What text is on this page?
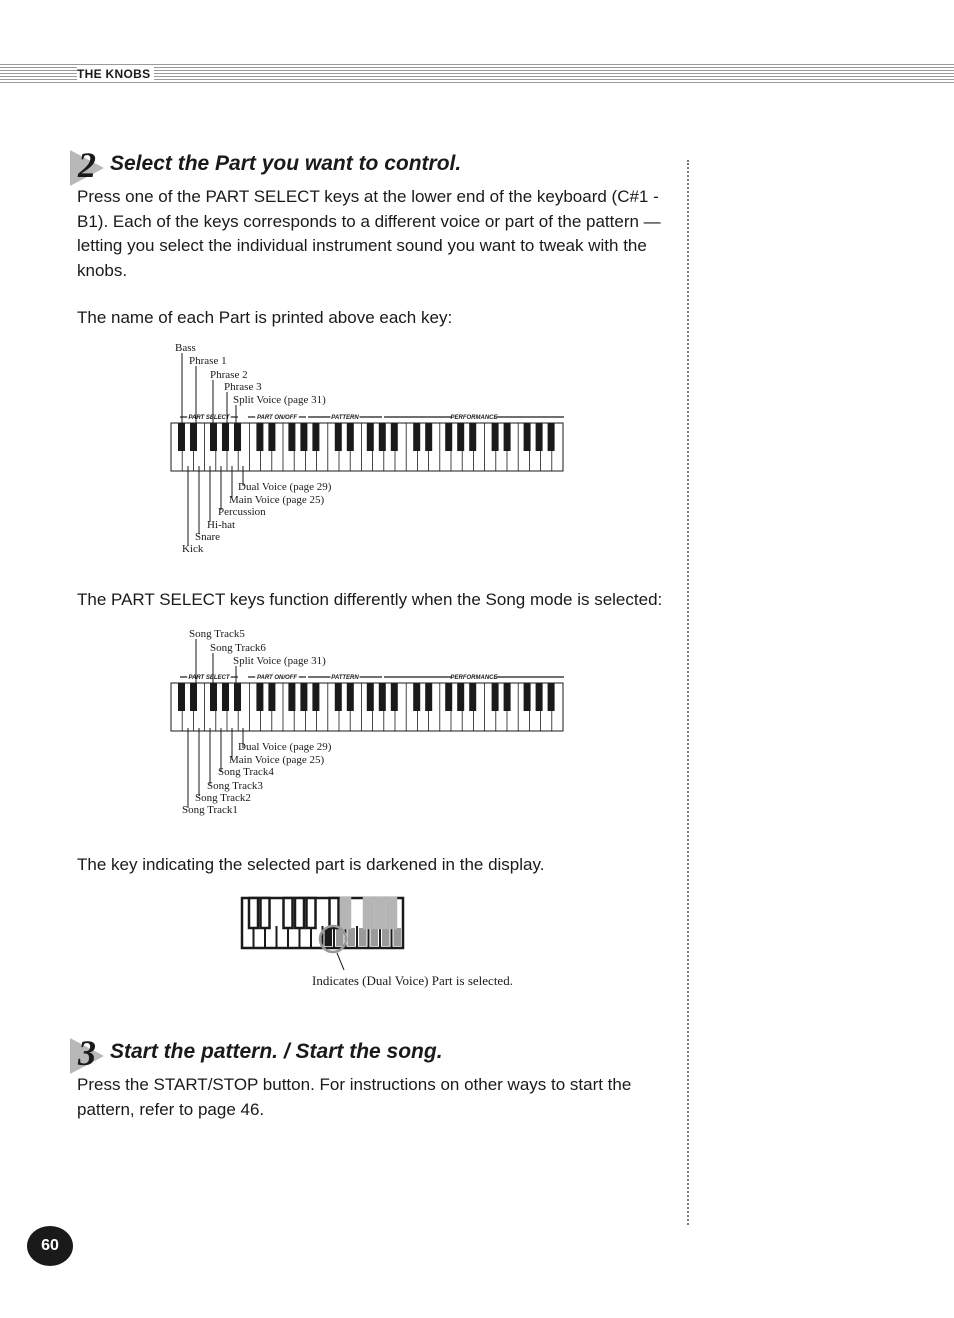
THE KNOBS
2 Select the Part you want to control.
Press one of the PART SELECT keys at the lower end of the keyboard (C#1 - B1). Each of the keys corresponds to a different voice or part of the pattern — letting you select the individual instrument sound you want to tweak with the knobs.
The name of each Part is printed above each key:
Bass
Phrase 1
Phrase 2
Phrase 3
Split Voice (page 31)
PART SELECT	PART ON/OFF	PATTERN	PERFORMANCE
Dual Voice (page 29)
Main Voice (page 25)
Percussion
Hi-hat
Snare
Kick
The PART SELECT keys function differently when the Song mode is selected:
Song Track5
Song Track6
Split Voice (page 31)
PART SELECT	PART ON/OFF	PATTERN	PERFORMANCE
Dual Voice (page 29)
Main Voice (page 25)
Song Track4
Song Track3
Song Track2
Song Track1
The key indicating the selected part is darkened in the display.
Indicates (Dual Voice) Part is selected.
3 Start the pattern. / Start the song.
Press the START/STOP button. For instructions on other ways to start the pattern, refer to page 46.
60
